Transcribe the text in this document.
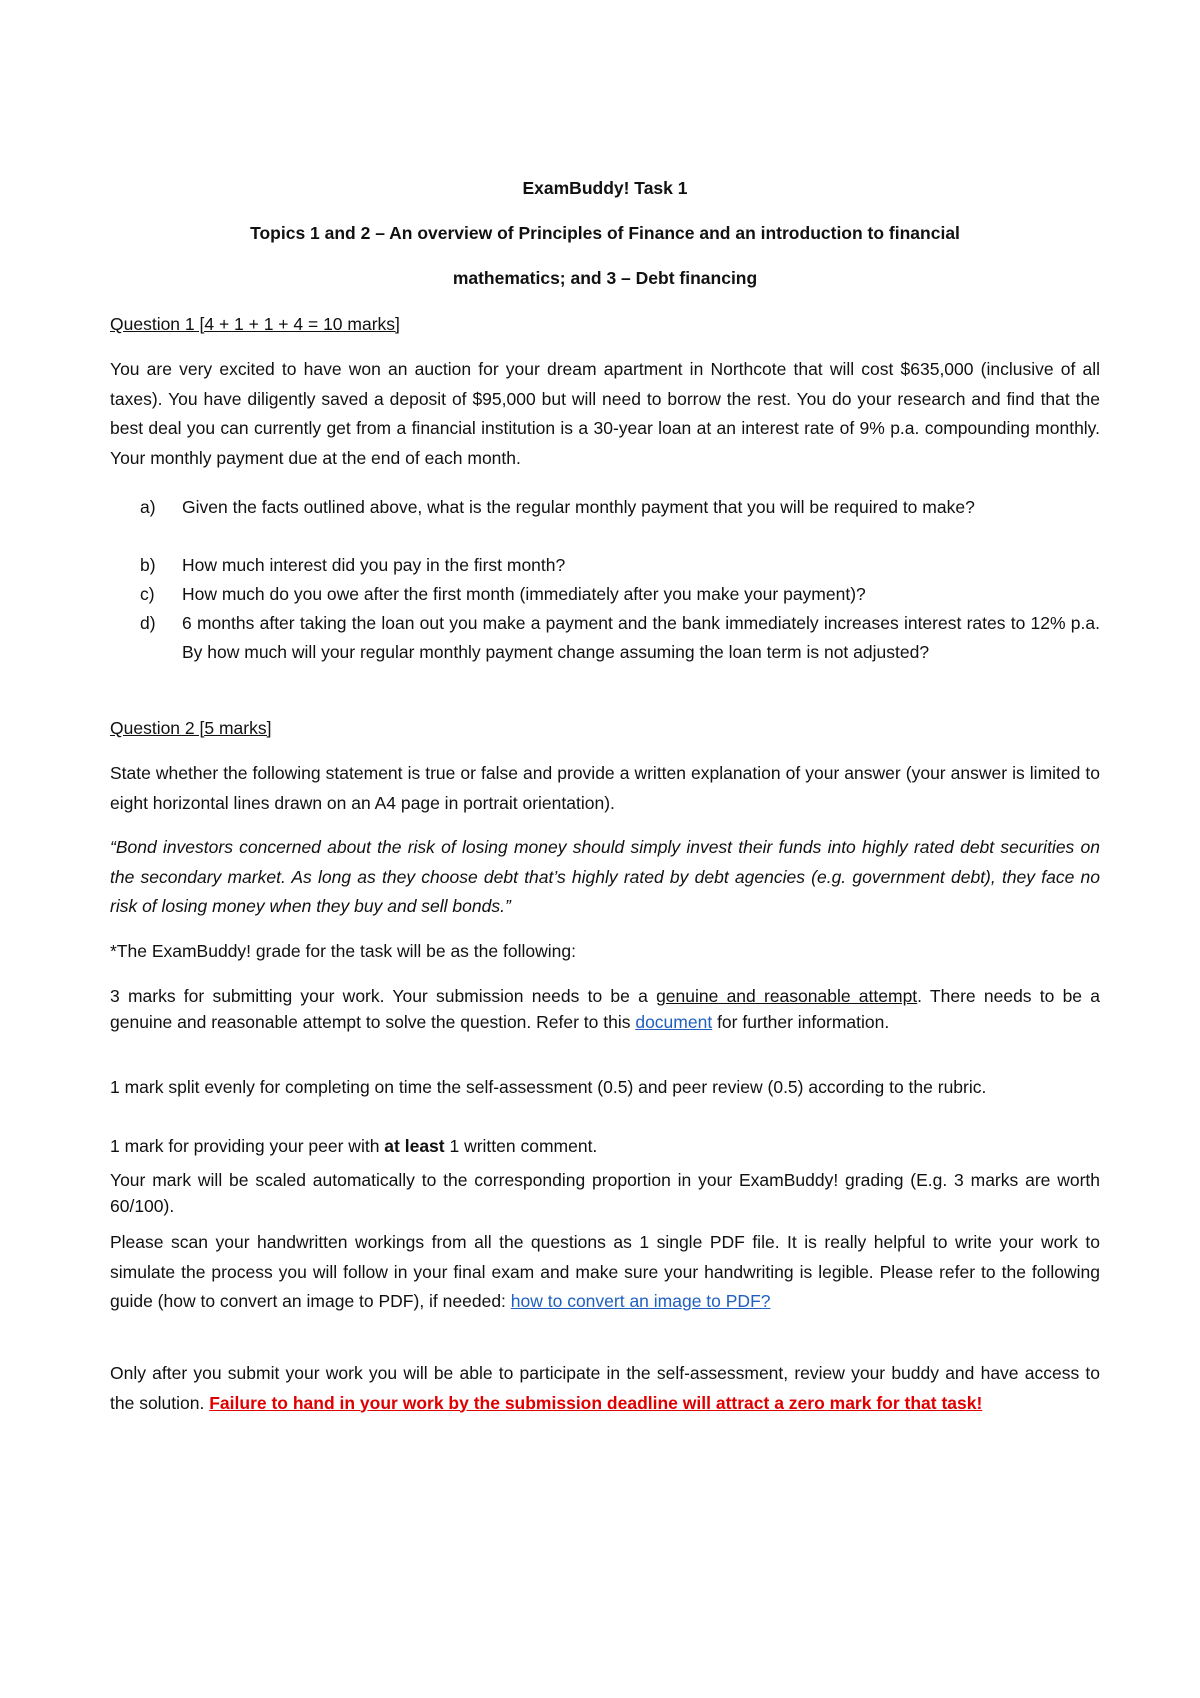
ExamBuddy! Task 1
Topics 1 and 2 – An overview of Principles of Finance and an introduction to financial
mathematics; and 3 – Debt financing
Question 1 [4 + 1 + 1 + 4 = 10 marks]
You are very excited to have won an auction for your dream apartment in Northcote that will cost $635,000 (inclusive of all taxes). You have diligently saved a deposit of $95,000 but will need to borrow the rest. You do your research and find that the best deal you can currently get from a financial institution is a 30-year loan at an interest rate of 9% p.a. compounding monthly. Your monthly payment due at the end of each month.
a) Given the facts outlined above, what is the regular monthly payment that you will be required to make?
b) How much interest did you pay in the first month?
c) How much do you owe after the first month (immediately after you make your payment)?
d) 6 months after taking the loan out you make a payment and the bank immediately increases interest rates to 12% p.a. By how much will your regular monthly payment change assuming the loan term is not adjusted?
Question 2 [5 marks]
State whether the following statement is true or false and provide a written explanation of your answer (your answer is limited to eight horizontal lines drawn on an A4 page in portrait orientation).
“Bond investors concerned about the risk of losing money should simply invest their funds into highly rated debt securities on the secondary market. As long as they choose debt that’s highly rated by debt agencies (e.g. government debt), they face no risk of losing money when they buy and sell bonds.”
*The ExamBuddy! grade for the task will be as the following:
3 marks for submitting your work. Your submission needs to be a genuine and reasonable attempt. There needs to be a genuine and reasonable attempt to solve the question. Refer to this document for further information.
1 mark split evenly for completing on time the self-assessment (0.5) and peer review (0.5) according to the rubric.
1 mark for providing your peer with at least 1 written comment.
Your mark will be scaled automatically to the corresponding proportion in your ExamBuddy! grading (E.g. 3 marks are worth 60/100).
Please scan your handwritten workings from all the questions as 1 single PDF file. It is really helpful to write your work to simulate the process you will follow in your final exam and make sure your handwriting is legible. Please refer to the following guide (how to convert an image to PDF), if needed: how to convert an image to PDF?
Only after you submit your work you will be able to participate in the self-assessment, review your buddy and have access to the solution. Failure to hand in your work by the submission deadline will attract a zero mark for that task!
